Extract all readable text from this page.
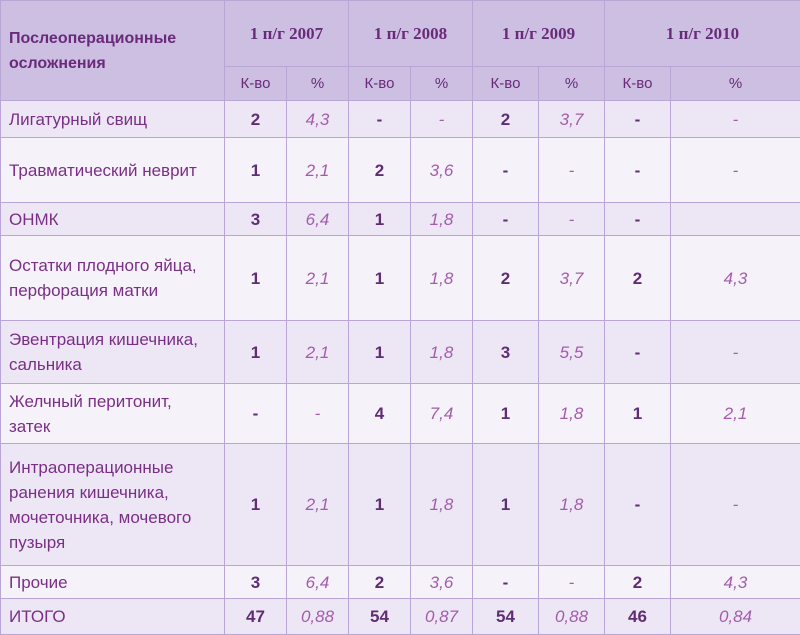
Послеоперационные осложнения	1 п/г 2007		1 п/г 2008		1 п/г 2009		1 п/г 2010	
	К-во	%	К-во	%	К-во	%	К-во	%
Лигатурный свищ	2	4,3	-	-	2	3,7	-	-
Травматический неврит	1	2,1	2	3,6	-	-	-	-
ОНМК	3	6,4	1	1,8	-	-	-	
Остатки плодного яйца, перфорация матки	1	2,1	1	1,8	2	3,7	2	4,3
Эвентрация кишечника, сальника	1	2,1	1	1,8	3	5,5	-	-
Желчный перитонит, затек	-	-	4	7,4	1	1,8	1	2,1
Интраоперационные ранения кишечника, мочеточника, мочевого пузыря	1	2,1	1	1,8	1	1,8	-	-
Прочие	3	6,4	2	3,6	-	-	2	4,3
ИТОГО	47	0,88	54	0,87	54	0,88	46	0,84
